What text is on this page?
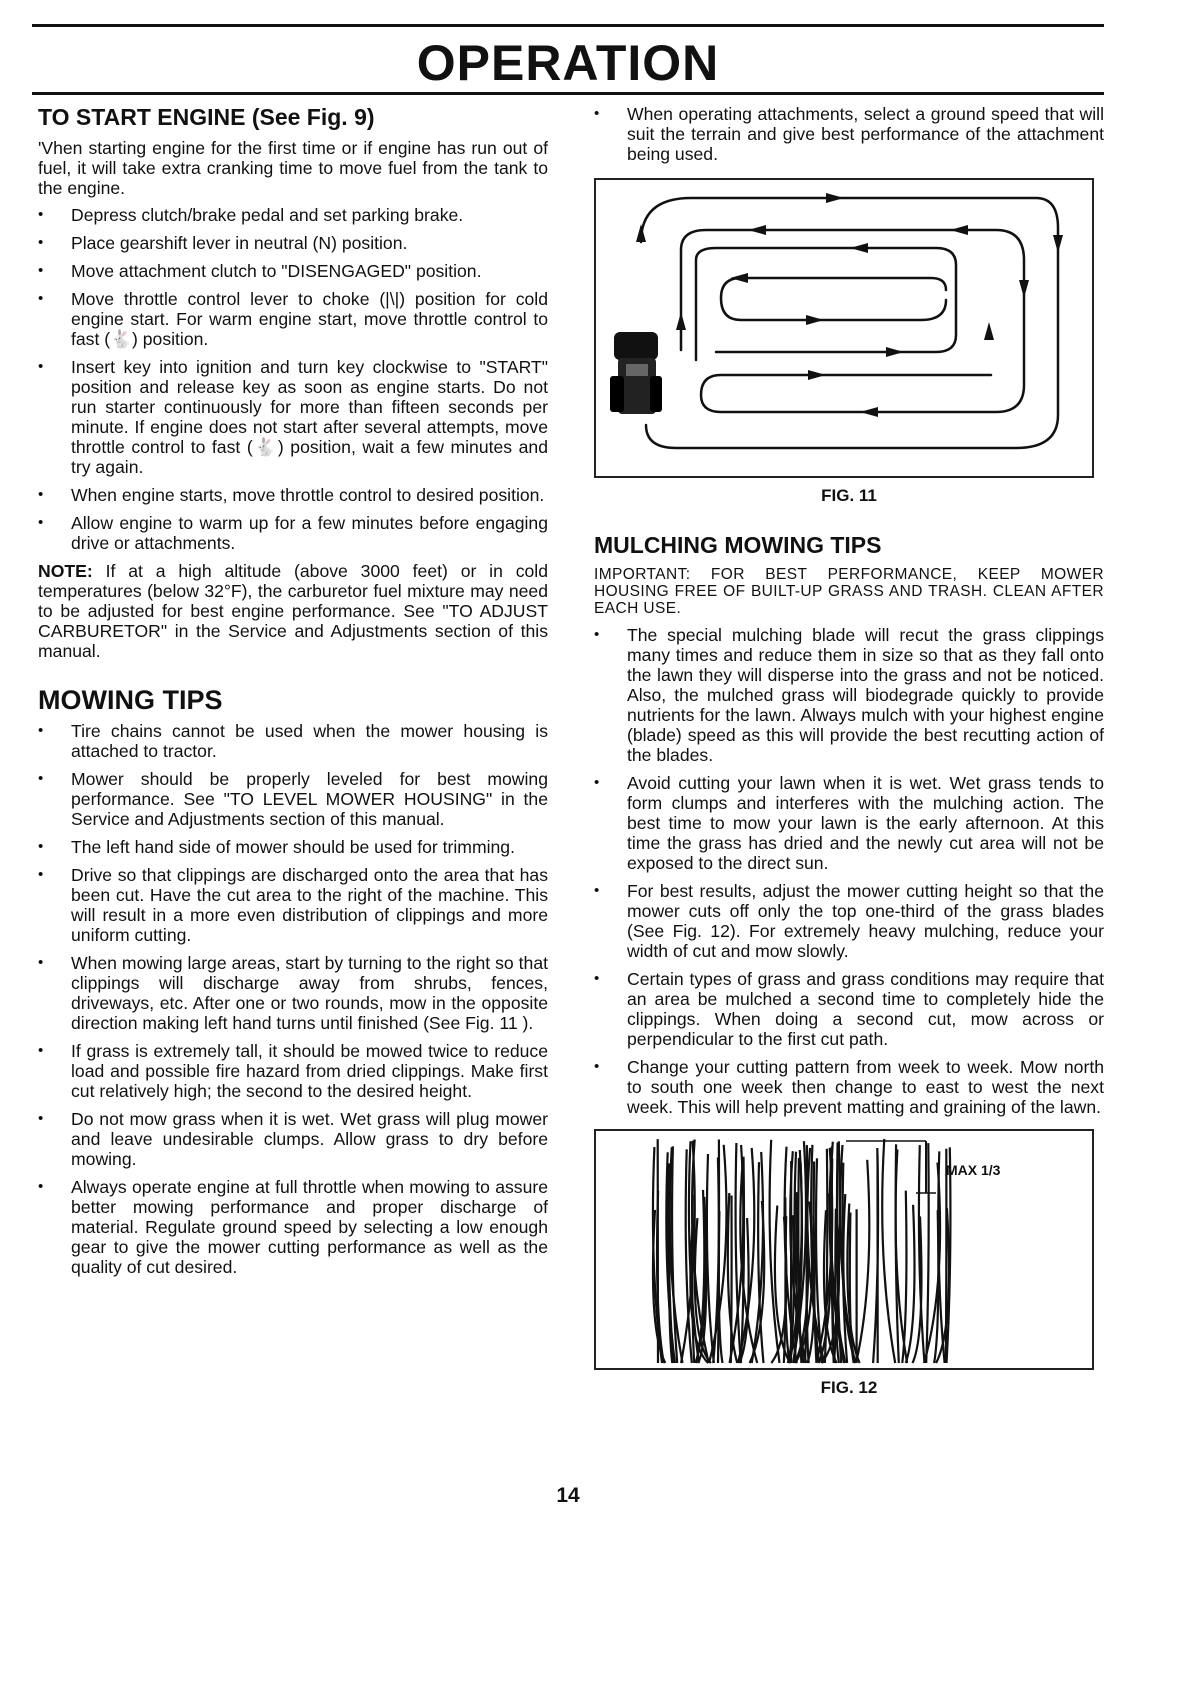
OPERATION
TO START ENGINE (See Fig. 9)

'Vhen starting engine for the first time or if engine has run out of fuel, it will take extra cranking time to move fuel from the tank to the engine.

• Depress clutch/brake pedal and set parking brake.
• Place gearshift lever in neutral (N) position.
• Move attachment clutch to "DISENGAGED" position.
• Move throttle control lever to choke (|\|) position for cold engine start. For warm engine start, move throttle control to fast (🐇) position.
• Insert key into ignition and turn key clockwise to "START" position and release key as soon as engine starts. Do not run starter continuously for more than fifteen seconds per minute. If engine does not start after several attempts, move throttle control to fast (🐇) position, wait a few minutes and try again.
• When engine starts, move throttle control to desired position.
• Allow engine to warm up for a few minutes before engaging drive or attachments.

NOTE: If at a high altitude (above 3000 feet) or in cold temperatures (below 32°F), the carburetor fuel mixture may need to be adjusted for best engine performance. See "TO ADJUST CARBURETOR" in the Service and Adjustments section of this manual.

MOWING TIPS
• Tire chains cannot be used when the mower housing is attached to tractor.
• Mower should be properly leveled for best mowing performance. See "TO LEVEL MOWER HOUSING" in the Service and Adjustments section of this manual.
• The left hand side of mower should be used for trimming.
• Drive so that clippings are discharged onto the area that has been cut. Have the cut area to the right of the machine. This will result in a more even distribution of clippings and more uniform cutting.
• When mowing large areas, start by turning to the right so that clippings will discharge away from shrubs, fences, driveways, etc. After one or two rounds, mow in the opposite direction making left hand turns until finished (See Fig. 11 ).
• If grass is extremely tall, it should be mowed twice to reduce load and possible fire hazard from dried clippings. Make first cut relatively high; the second to the desired height.
• Do not mow grass when it is wet. Wet grass will plug mower and leave undesirable clumps. Allow grass to dry before mowing.
• Always operate engine at full throttle when mowing to assure better mowing performance and proper discharge of material. Regulate ground speed by selecting a low enough gear to give the mower cutting performance as well as the quality of cut desired.
• When operating attachments, select a ground speed that will suit the terrain and give best performance of the attachment being used.
FIG. 11
MULCHING MOWING TIPS

IMPORTANT: FOR BEST PERFORMANCE, KEEP MOWER HOUSING FREE OF BUILT-UP GRASS AND TRASH. CLEAN AFTER EACH USE.

• The special mulching blade will recut the grass clippings many times and reduce them in size so that as they fall onto the lawn they will disperse into the grass and not be noticed. Also, the mulched grass will biodegrade quickly to provide nutrients for the lawn. Always mulch with your highest engine (blade) speed as this will provide the best recutting action of the blades.
• Avoid cutting your lawn when it is wet. Wet grass tends to form clumps and interferes with the mulching action. The best time to mow your lawn is the early afternoon. At this time the grass has dried and the newly cut area will not be exposed to the direct sun.
• For best results, adjust the mower cutting height so that the mower cuts off only the top one-third of the grass blades (See Fig. 12). For extremely heavy mulching, reduce your width of cut and mow slowly.
• Certain types of grass and grass conditions may require that an area be mulched a second time to completely hide the clippings. When doing a second cut, mow across or perpendicular to the first cut path.
• Change your cutting pattern from week to week. Mow north to south one week then change to east to west the next week. This will help prevent matting and graining of the lawn.
MAX 1/3
FIG. 12
14
